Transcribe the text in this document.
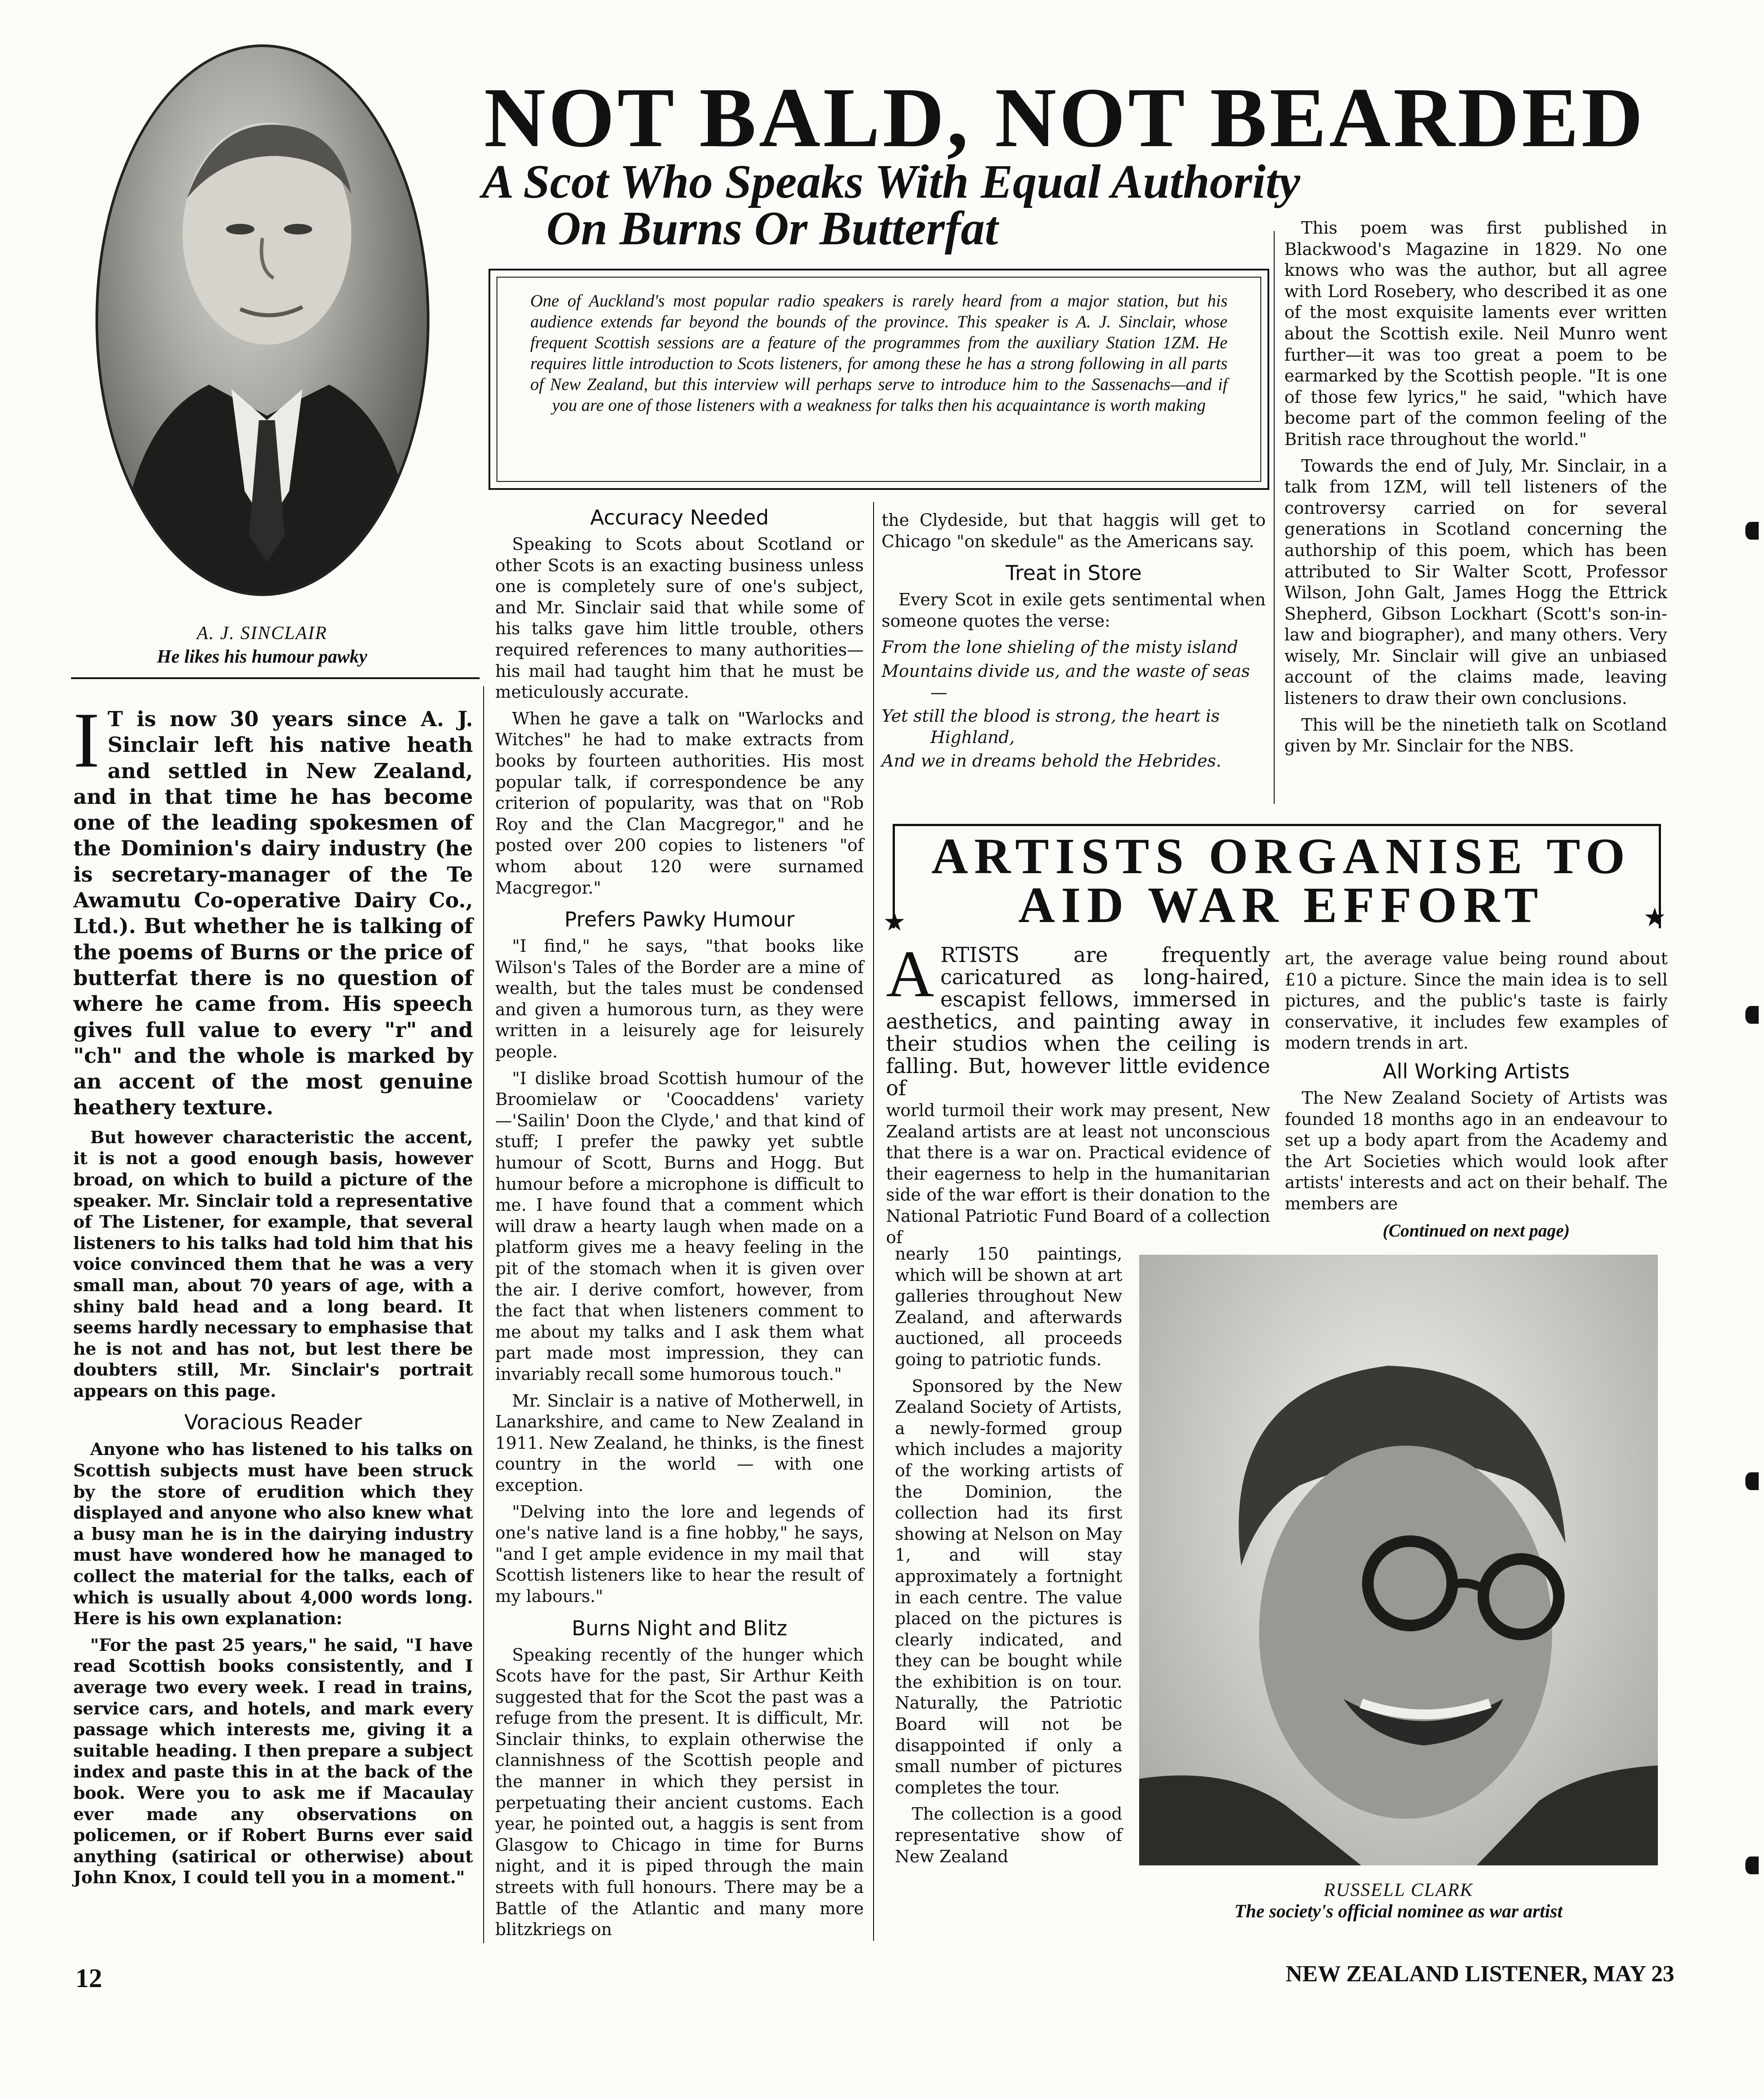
NOT BALD, NOT BEARDED
A Scot Who Speaks With Equal Authority
On Burns Or Butterfat
A. J. SINCLAIR
He likes his humour pawky
One of Auckland's most popular radio speakers is rarely heard from a major station, but his audience extends far beyond the bounds of the province. This speaker is A. J. Sinclair, whose frequent Scottish sessions are a feature of the programmes from the auxiliary Station 1ZM. He requires little introduction to Scots listeners, for among these he has a strong following in all parts of New Zealand, but this interview will perhaps serve to introduce him to the Sassenachs—and if you are one of those listeners with a weakness for talks then his acquaintance is worth making
I T is now 30 years since A. J. Sinclair left his native heath and settled in New Zealand, and in that time he has become one of the leading spokesmen of the Dominion's dairy industry (he is secretary-manager of the Te Awamutu Co-operative Dairy Co., Ltd.). But whether he is talking of the poems of Burns or the price of butterfat there is no question of where he came from. His speech gives full value to every "r" and "ch" and the whole is marked by an accent of the most genuine heathery texture.

But however characteristic the accent, it is not a good enough basis, however broad, on which to build a picture of the speaker. Mr. Sinclair told a representative of The Listener, for example, that several listeners to his talks had told him that his voice convinced them that he was a very small man, about 70 years of age, with a shiny bald head and a long beard. It seems hardly necessary to emphasise that he is not and has not, but lest there be doubters still, Mr. Sinclair's portrait appears on this page.

Voracious Reader

Anyone who has listened to his talks on Scottish subjects must have been struck by the store of erudition which they displayed and anyone who also knew what a busy man he is in the dairying industry must have wondered how he managed to collect the material for the talks, each of which is usually about 4,000 words long. Here is his own explanation:

"For the past 25 years," he said, "I have read Scottish books consistently, and I average two every week. I read in trains, service cars, and hotels, and mark every passage which interests me, giving it a suitable heading. I then prepare a subject index and paste this in at the back of the book. Were you to ask me if Macaulay ever made any observations on policemen, or if Robert Burns ever said anything (satirical or otherwise) about John Knox, I could tell you in a moment."

Accuracy Needed

Speaking to Scots about Scotland or other Scots is an exacting business unless one is completely sure of one's subject, and Mr. Sinclair said that while some of his talks gave him little trouble, others required references to many authorities—his mail had taught him that he must be meticulously accurate.

When he gave a talk on "Warlocks and Witches" he had to make extracts from books by fourteen authorities. His most popular talk, if correspondence be any criterion of popularity, was that on "Rob Roy and the Clan Macgregor," and he posted over 200 copies to listeners "of whom about 120 were surnamed Macgregor."

Prefers Pawky Humour

"I find," he says, "that books like Wilson's Tales of the Border are a mine of wealth, but the tales must be condensed and given a humorous turn, as they were written in a leisurely age for leisurely people.

"I dislike broad Scottish humour of the Broomielaw or 'Coocaddens' variety—'Sailin' Doon the Clyde,' and that kind of stuff; I prefer the pawky yet subtle humour of Scott, Burns and Hogg. But humour before a microphone is difficult to me. I have found that a comment which will draw a hearty laugh when made on a platform gives me a heavy feeling in the pit of the stomach when it is given over the air. I derive comfort, however, from the fact that when listeners comment to me about my talks and I ask them what part made most impression, they can invariably recall some humorous touch."

Mr. Sinclair is a native of Motherwell, in Lanarkshire, and came to New Zealand in 1911. New Zealand, he thinks, is the finest country in the world — with one exception.

"Delving into the lore and legends of one's native land is a fine hobby," he says, "and I get ample evidence in my mail that Scottish listeners like to hear the result of my labours."

Burns Night and Blitz

Speaking recently of the hunger which Scots have for the past, Sir Arthur Keith suggested that for the Scot the past was a refuge from the present. It is difficult, Mr. Sinclair thinks, to explain otherwise the clannishness of the Scottish people and the manner in which they persist in perpetuating their ancient customs. Each year, he pointed out, a haggis is sent from Glasgow to Chicago in time for Burns night, and it is piped through the main streets with full honours. There may be a Battle of the Atlantic and many more blitzkriegs on

the Clydeside, but that haggis will get to Chicago "on skedule" as the Americans say.

Treat in Store

Every Scot in exile gets sentimental when someone quotes the verse:

From the lone shieling of the misty island

Mountains divide us, and the waste of seas—

Yet still the blood is strong, the heart is Highland,

And we in dreams behold the Hebrides.

This poem was first published in Blackwood's Magazine in 1829. No one knows who was the author, but all agree with Lord Rosebery, who described it as one of the most exquisite laments ever written about the Scottish exile. Neil Munro went further—it was too great a poem to be earmarked by the Scottish people. "It is one of those few lyrics," he said, "which have become part of the common feeling of the British race throughout the world."

Towards the end of July, Mr. Sinclair, in a talk from 1ZM, will tell listeners of the controversy carried on for several generations in Scotland concerning the authorship of this poem, which has been attributed to Sir Walter Scott, Professor Wilson, John Galt, James Hogg the Ettrick Shepherd, Gibson Lockhart (Scott's son-in-law and biographer), and many others. Very wisely, Mr. Sinclair will give an unbiased account of the claims made, leaving listeners to draw their own conclusions.

This will be the ninetieth talk on Scotland given by Mr. Sinclair for the NBS.

ARTISTS ORGANISE TO
AID WAR EFFORT
★	★
ARTISTS are frequently caricatured as long-haired, escapist fellows, immersed in aesthetics, and painting away in their studios when the ceiling is falling. But, however little evidence of

world turmoil their work may present, New Zealand artists are at least not unconscious that there is a war on. Practical evidence of their eagerness to help in the humanitarian side of the war effort is their donation to the National Patriotic Fund Board of a collection of

nearly 150 paintings, which will be shown at art galleries throughout New Zealand, and afterwards auctioned, all proceeds going to patriotic funds.

Sponsored by the New Zealand Society of Artists, a newly-formed group which includes a majority of the working artists of the Dominion, the collection had its first showing at Nelson on May 1, and will stay approximately a fortnight in each centre. The value placed on the pictures is clearly indicated, and they can be bought while the exhibition is on tour. Naturally, the Patriotic Board will not be disappointed if only a small number of pictures completes the tour.

The collection is a good representative show of New Zealand

art, the average value being round about £10 a picture. Since the main idea is to sell pictures, and the public's taste is fairly conservative, it includes few examples of modern trends in art.

All Working Artists

The New Zealand Society of Artists was founded 18 months ago in an endeavour to set up a body apart from the Academy and the Art Societies which would look after artists' interests and act on their behalf. The members are

(Continued on next page)
RUSSELL CLARK
The society's official nominee as war artist
12	NEW ZEALAND LISTENER, MAY 23
